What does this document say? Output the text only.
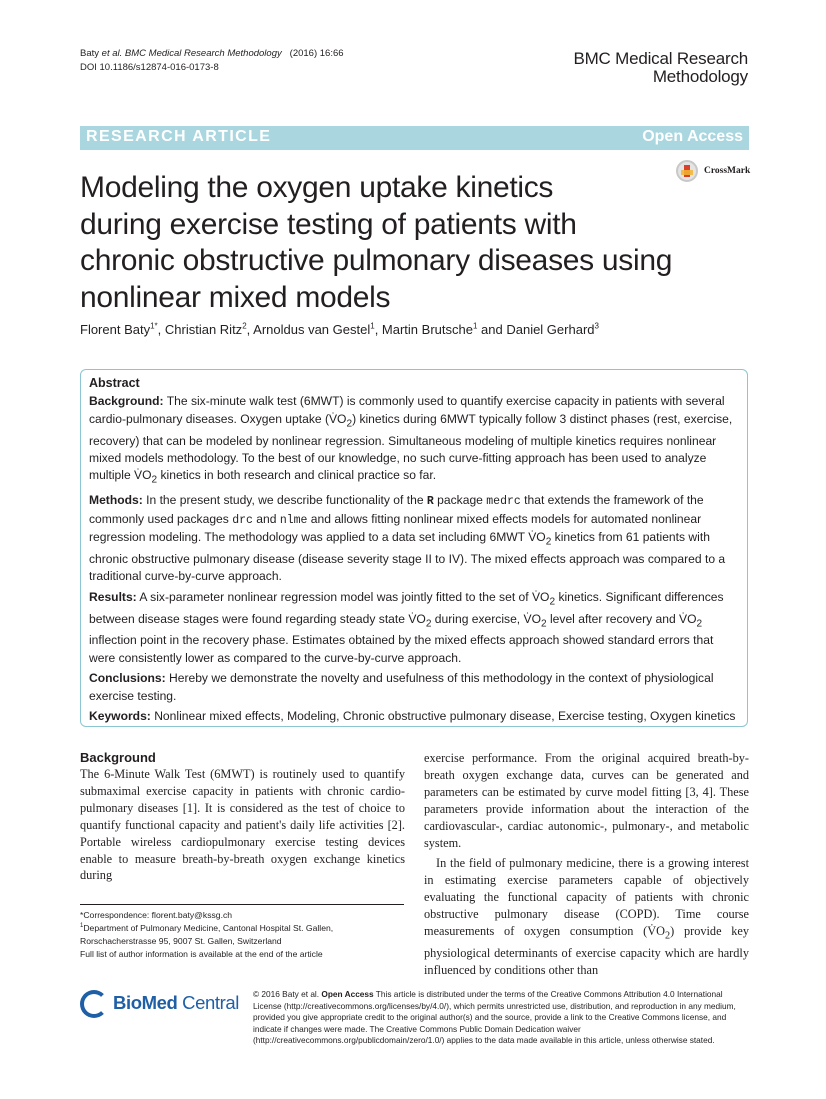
Baty et al. BMC Medical Research Methodology (2016) 16:66
DOI 10.1186/s12874-016-0173-8	BMC Medical Research
Methodology
RESEARCH ARTICLE	Open Access
CrossMark
Modeling the oxygen uptake kinetics
during exercise testing of patients with
chronic obstructive pulmonary diseases using
nonlinear mixed models
Florent Baty$^{1*}$, Christian Ritz$^2$, Arnoldus van Gestel$^1$, Martin Brutsche$^1$ and Daniel Gerhard$^3$

Abstract

Background: The six-minute walk test (6MWT) is commonly used to quantify exercise capacity in patients with several cardio-pulmonary diseases. Oxygen uptake $(V̇O_2)$ kinetics during 6MWT typically follow 3 distinct phases (rest, exercise, recovery) that can be modeled by nonlinear regression. Simultaneous modeling of multiple kinetics requires nonlinear mixed models methodology. To the best of our knowledge, no such curve-fitting approach has been used to analyze multiple $V̇O_2$ kinetics in both research and clinical practice so far.

Methods: In the present study, we describe functionality of the R package medrc that extends the framework of the commonly used packages drc and nlme and allows fitting nonlinear mixed effects models for automated nonlinear regression modeling. The methodology was applied to a data set including 6MWT $V̇O_2$ kinetics from 61 patients with chronic obstructive pulmonary disease (disease severity stage II to IV). The mixed effects approach was compared to a traditional curve-by-curve approach.

Results: A six-parameter nonlinear regression model was jointly fitted to the set of $V̇O_2$ kinetics. Significant differences between disease stages were found regarding steady state $V̇O_2$ during exercise, $V̇O_2$ level after recovery and $V̇O_2$ inflection point in the recovery phase. Estimates obtained by the mixed effects approach showed standard errors that were consistently lower as compared to the curve-by-curve approach.

Conclusions: Hereby we demonstrate the novelty and usefulness of this methodology in the context of physiological exercise testing.

Keywords: Nonlinear mixed effects, Modeling, Chronic obstructive pulmonary disease, Exercise testing, Oxygen kinetics

Background

The 6-Minute Walk Test (6MWT) is routinely used to quantify submaximal exercise capacity in patients with chronic cardio-pulmonary diseases [1]. It is considered as the test of choice to quantify functional capacity and patient's daily life activities [2]. Portable wireless cardiopulmonary exercise testing devices enable to measure breath-by-breath oxygen exchange kinetics during

exercise performance. From the original acquired breath-by-breath oxygen exchange data, curves can be generated and parameters can be estimated by curve model fitting [3, 4]. These parameters provide information about the interaction of the cardiovascular-, cardiac autonomic-, pulmonary-, and metabolic system.

In the field of pulmonary medicine, there is a growing interest in estimating exercise parameters capable of objectively evaluating the functional capacity of patients with chronic obstructive pulmonary disease (COPD). Time course measurements of oxygen consumption $(V̇O_2)$ provide key physiological determinants of exercise capacity which are hardly influenced by conditions other than

*Correspondence: florent.baty@kssg.ch
$^1$Department of Pulmonary Medicine, Cantonal Hospital St. Gallen,
Rorschacherstrasse 95, 9007 St. Gallen, Switzerland
Full list of author information is available at the end of the article
BioMed Central © 2016 Baty et al. Open Access This article is distributed under the terms of the Creative Commons Attribution 4.0 International License (http://creativecommons.org/licenses/by/4.0/), which permits unrestricted use, distribution, and reproduction in any medium, provided you give appropriate credit to the original author(s) and the source, provide a link to the Creative Commons license, and indicate if changes were made. The Creative Commons Public Domain Dedication waiver (http://creativecommons.org/publicdomain/zero/1.0/) applies to the data made available in this article, unless otherwise stated.
